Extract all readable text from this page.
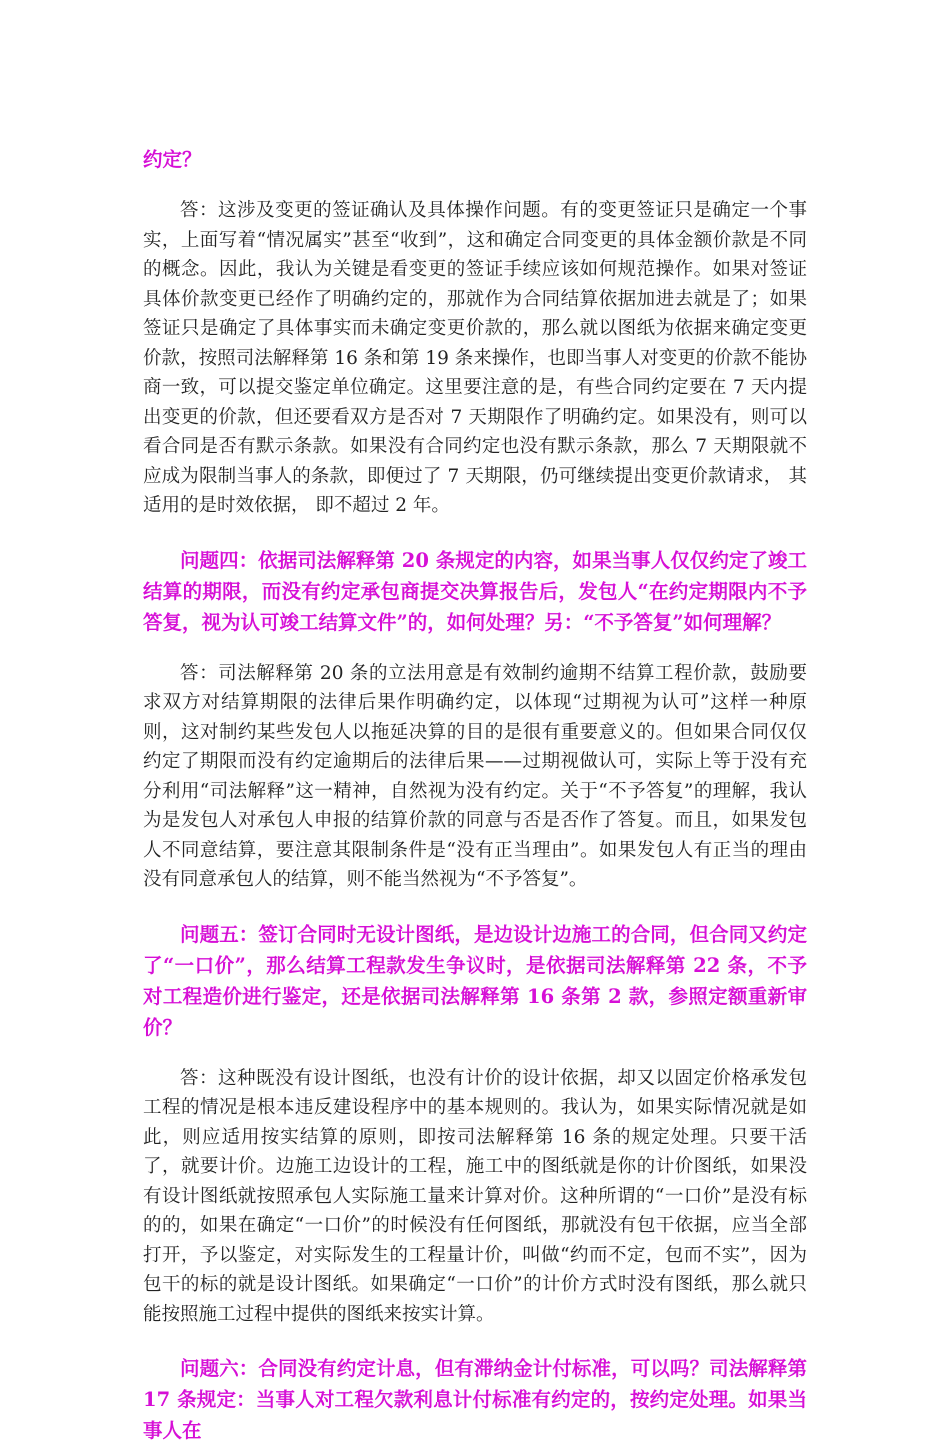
约定？

答：这涉及变更的签证确认及具体操作问题。有的变更签证只是确定一个事实，上面写着“情况属实”甚至“收到”，这和确定合同变更的具体金额价款是不同的概念。因此，我认为关键是看变更的签证手续应该如何规范操作。如果对签证具体价款变更已经作了明确约定的，那就作为合同结算依据加进去就是了；如果签证只是确定了具体事实而未确定变更价款的，那么就以图纸为依据来确定变更价款，按照司法解释第 16 条和第 19 条来操作，也即当事人对变更的价款不能协商一致，可以提交鉴定单位确定。这里要注意的是，有些合同约定要在 7 天内提出变更的价款，但还要看双方是否对 7 天期限作了明确约定。如果没有，则可以看合同是否有默示条款。如果没有合同约定也没有默示条款，那么 7 天期限就不应成为限制当事人的条款，即便过了 7 天期限，仍可继续提出变更价款请求， 其适用的是时效依据， 即不超过 2 年。

问题四：依据司法解释第 20 条规定的内容，如果当事人仅仅约定了竣工结算的期限，而没有约定承包商提交决算报告后，发包人“在约定期限内不予答复，视为认可竣工结算文件”的，如何处理？另：“不予答复”如何理解？

答：司法解释第 20 条的立法用意是有效制约逾期不结算工程价款，鼓励要求双方对结算期限的法律后果作明确约定，以体现“过期视为认可”这样一种原则，这对制约某些发包人以拖延决算的目的是很有重要意义的。但如果合同仅仅约定了期限而没有约定逾期后的法律后果——过期视做认可，实际上等于没有充分利用“司法解释”这一精神，自然视为没有约定。关于“不予答复”的理解，我认为是发包人对承包人申报的结算价款的同意与否是否作了答复。而且，如果发包人不同意结算，要注意其限制条件是“没有正当理由”。如果发包人有正当的理由没有同意承包人的结算，则不能当然视为“不予答复”。

问题五：签订合同时无设计图纸，是边设计边施工的合同，但合同又约定了“一口价”，那么结算工程款发生争议时，是依据司法解释第 22 条，不予对工程造价进行鉴定，还是依据司法解释第 16 条第 2 款，参照定额重新审价？

答：这种既没有设计图纸，也没有计价的设计依据，却又以固定价格承发包工程的情况是根本违反建设程序中的基本规则的。我认为，如果实际情况就是如此，则应适用按实结算的原则，即按司法解释第 16 条的规定处理。只要干活了，就要计价。边施工边设计的工程，施工中的图纸就是你的计价图纸，如果没有设计图纸就按照承包人实际施工量来计算对价。这种所谓的“一口价”是没有标的的，如果在确定“一口价”的时候没有任何图纸，那就没有包干依据，应当全部打开，予以鉴定，对实际发生的工程量计价，叫做“约而不定，包而不实”，因为包干的标的就是设计图纸。如果确定“一口价”的计价方式时没有图纸，那么就只能按照施工过程中提供的图纸来按实计算。

问题六：合同没有约定计息，但有滞纳金计付标准，可以吗？司法解释第 17 条规定：当事人对工程欠款利息计付标准有约定的，按约定处理。如果当事人在
